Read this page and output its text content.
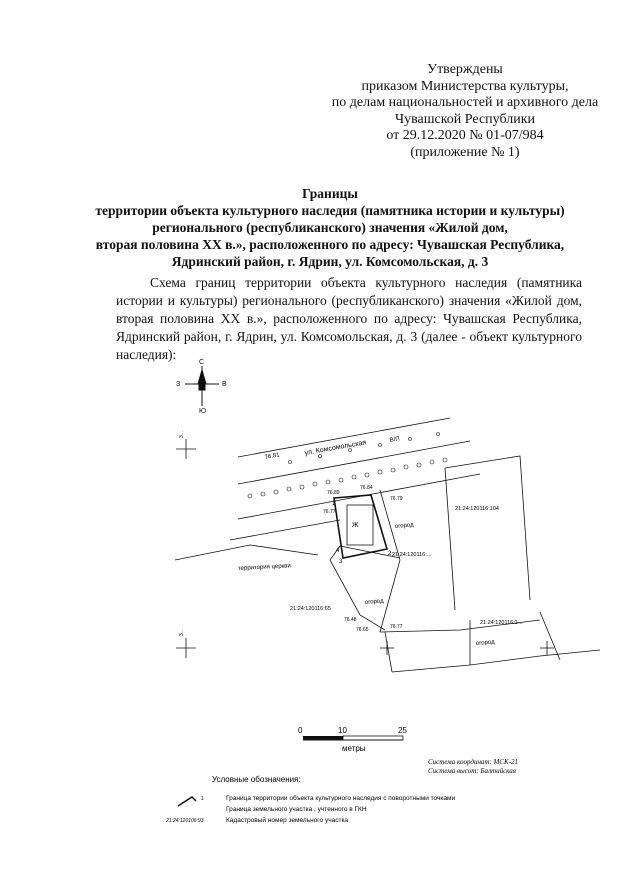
Утверждены
приказом Министерства культуры,
по делам национальностей и архивного дела
Чувашской Республики
от 29.12.2020 № 01-07/984
(приложение № 1)
Границы
территории объекта культурного наследия (памятника истории и культуры)
регионального (республиканского) значения «Жилой дом,
вторая половина XX в.», расположенного по адресу: Чувашская Республика,
Ядринский район, г. Ядрин, ул. Комсомольская, д. 3

Схема границ территории объекта культурного наследия (памятника истории и культуры) регионального (республиканского) значения «Жилой дом, вторая половина XX в.», расположенного по адресу: Чувашская Республика, Ядринский район, г. Ядрин, ул. Комсомольская, д. 3 (далее - объект культурного наследия):

С
Ю
З	В
3...
3...
76.81	ул. Комсомольская	В/П
Ж
1
2
3
4
76.89
76.84
76.79
76.77
76.48
76.65	76.77
21:24:120116:104
21:24:120116:...
21:24:120116:65
21:24:120116:1...
территория церкви
огород
огород
огород
0	10	25
метры
Система координат: МСК-21
Система высот: Балтийская
Условные обозначения:
1	Граница территории объекта культурного наследия с поворотными точками
Граница земельного участка , учтенного в ГКН
21:24:120106:93	Кадастровый номер земельного участка
